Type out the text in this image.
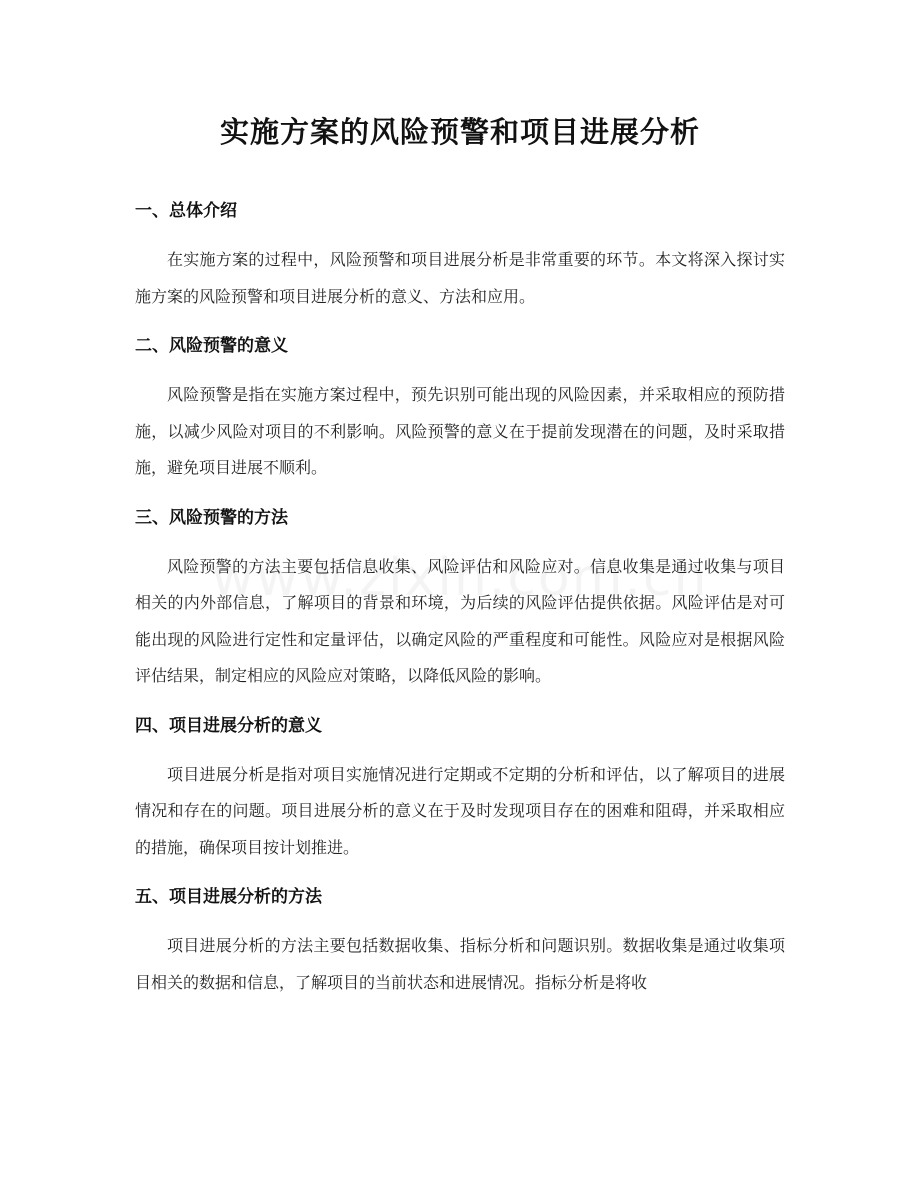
实施方案的风险预警和项目进展分析
一、总体介绍

在实施方案的过程中，风险预警和项目进展分析是非常重要的环节。本文将深入探讨实施方案的风险预警和项目进展分析的意义、方法和应用。

二、风险预警的意义

风险预警是指在实施方案过程中，预先识别可能出现的风险因素，并采取相应的预防措施，以减少风险对项目的不利影响。风险预警的意义在于提前发现潜在的问题，及时采取措施，避免项目进展不顺利。

三、风险预警的方法

风险预警的方法主要包括信息收集、风险评估和风险应对。信息收集是通过收集与项目相关的内外部信息，了解项目的背景和环境，为后续的风险评估提供依据。风险评估是对可能出现的风险进行定性和定量评估，以确定风险的严重程度和可能性。风险应对是根据风险评估结果，制定相应的风险应对策略，以降低风险的影响。

四、项目进展分析的意义

项目进展分析是指对项目实施情况进行定期或不定期的分析和评估，以了解项目的进展情况和存在的问题。项目进展分析的意义在于及时发现项目存在的困难和阻碍，并采取相应的措施，确保项目按计划推进。

五、项目进展分析的方法

项目进展分析的方法主要包括数据收集、指标分析和问题识别。数据收集是通过收集项目相关的数据和信息，了解项目的当前状态和进展情况。指标分析是将收
